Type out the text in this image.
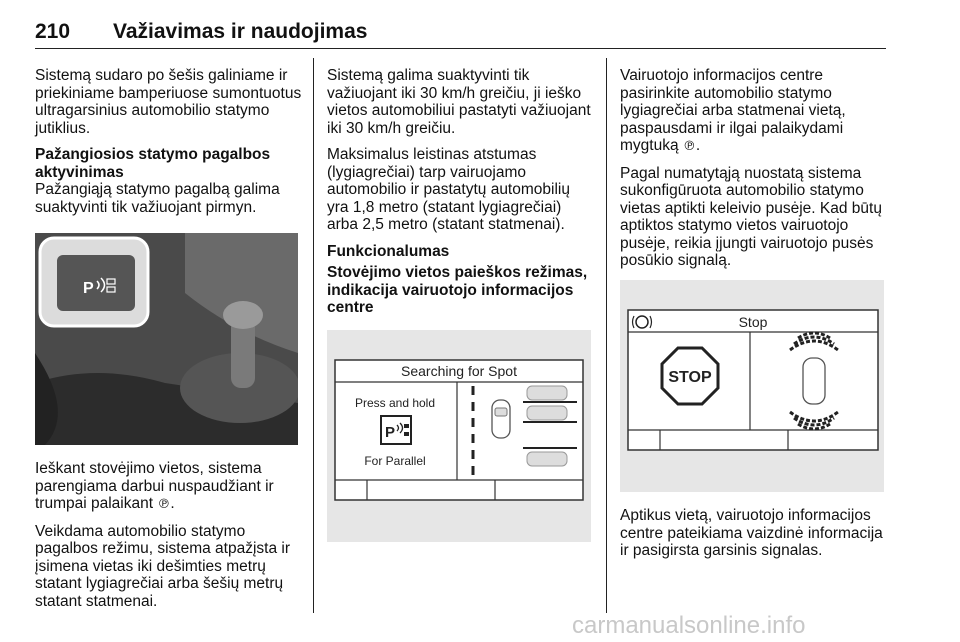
210 Važiavimas ir naudojimas

Sistemą sudaro po šešis galiniame ir priekiniame bamperiuose sumontuotus ultragarsinius automobilio statymo jutiklius.

Pažangiosios statymo pagalbos aktyvinimas

Pažangiąją statymo pagalbą galima suaktyvinti tik važiuojant pirmyn.

P

Ieškant stovėjimo vietos, sistema parengiama darbui nuspaudžiant ir trumpai palaikant ℗.

Veikdama automobilio statymo pagalbos režimu, sistema atpažįsta ir įsimena vietas iki dešimties metrų statant lygiagrečiai arba šešių metrų statant statmenai.

Sistemą galima suaktyvinti tik važiuojant iki 30 km/h greičiu, ji ieško vietos automobiliui pastatyti važiuojant iki 30 km/h greičiu.

Maksimalus leistinas atstumas (lygiagrečiai) tarp vairuojamo automobilio ir pastatytų automobilių yra 1,8 metro (statant lygiagrečiai) arba 2,5 metro (statant statmenai).

Funkcionalumas
Stovėjimo vietos paieškos režimas, indikacija vairuotojo informacijos centre
Searching for Spot
Press and hold
P
For Parallel

Vairuotojo informacijos centre pasirinkite automobilio statymo lygiagrečiai arba statmenai vietą, paspausdami ir ilgai palaikydami mygtuką ℗.

Pagal numatytąją nuostatą sistema sukonfigūruota automobilio statymo vietas aptikti keleivio pusėje. Kad būtų aptiktos statymo vietos vairuotojo pusėje, reikia įjungti vairuotojo pusės posūkio signalą.

Stop
STOP

Aptikus vietą, vairuotojo informacijos centre pateikiama vaizdinė informacija ir pasigirsta garsinis signalas.

carmanualsonline.info
